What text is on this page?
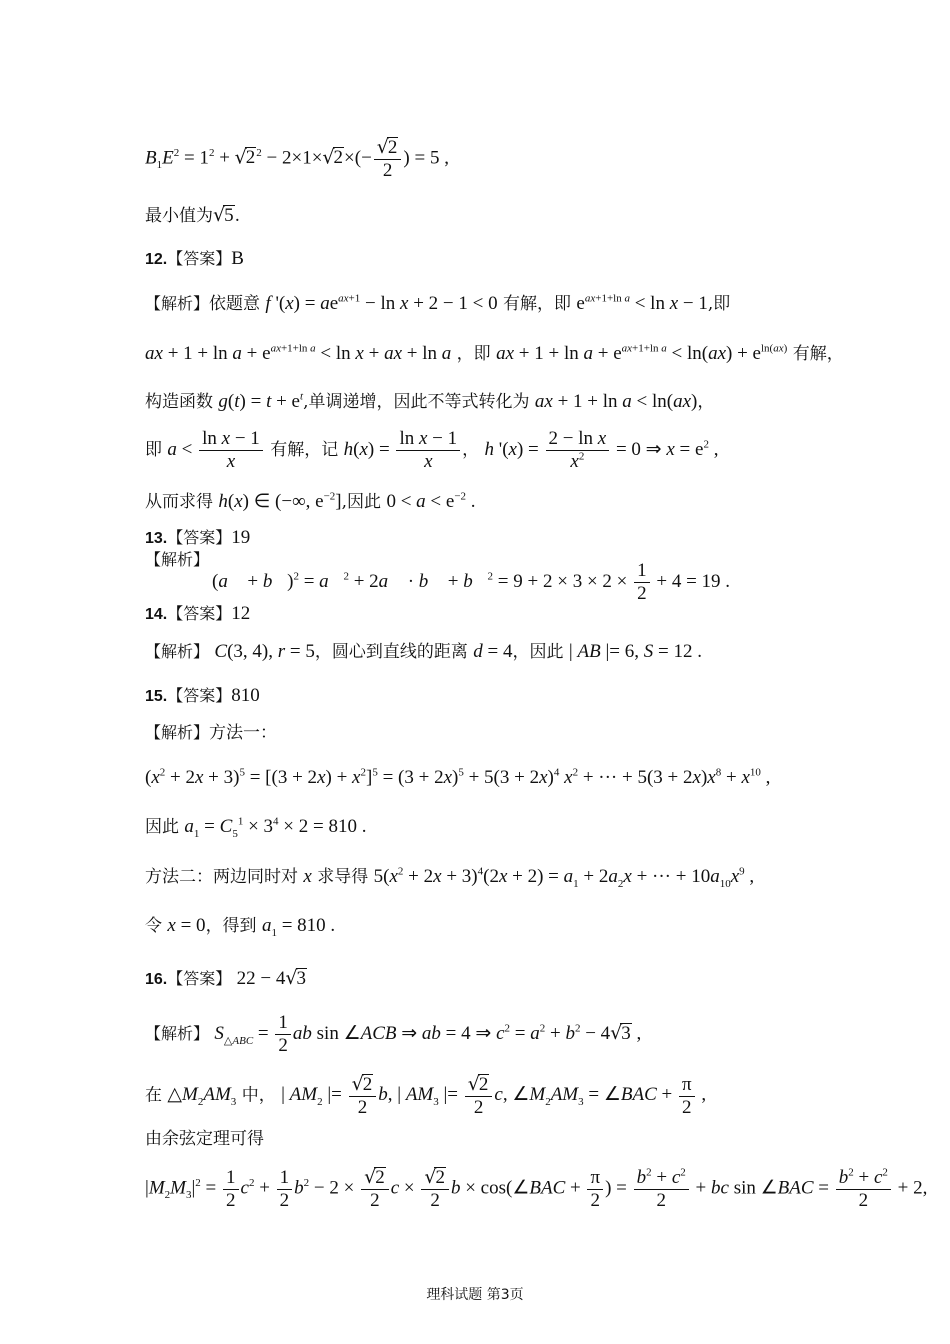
$B_1E^2 = 1^2 + √2^2 - 2\times 1\times√2\times(- \frac{√2}{2}$ ) = 5 ,
最小值为√5.
12.【答案】B
【解析】依题意 f '$(x) = ae^{ax+1} - \ln x + 2 - 1 < 0$ 有解，即 $e^{ax+1+ln a} < \ln x - 1$,即
ax + $1 + \ln a + e^{ax+1+ln a} < \ln x$ + ax + ln a ，即 ax + $1 + \ln a + e^{ax+1+ln a} < \ln(ax) + e^{ln(ax)}$ 有解，
构造函数 $g(t) = t + e^t$,单调递增，因此不等式转化为 ax + 1 + ln a < ln(ax)，
即 $a < \frac{\text{ln x − 1}}{x}$ 有解，记 $h(x) = \frac{\text{ln x − 1}}{x}$ ， h '$(x) = \frac{\text{2 − ln x}}{x^2} = 0$ ⇒ $x = e^2$ ,
从而求得 h(x) ∈ (−∞, $e^{-2}$],因此 $0 < a < e^{-2}$ .
13.【答案】19
【解析】
(a⃗ + b⃗)$^2$ = a⃗$^2$ + 2a⃗ · b⃗ + b⃗$^2$ = $9 + 2 \times 3 \times 2 \times \frac{1}{2} + 4 = 19$ .
14.【答案】12
【解析】 C(3, 4), r = 5，圆心到直线的距离 d = 4，因此 | AB |= 6, S = 12 .
15.【答案】810
【解析】方法一：
$(x^2 + 2x + 3)^5 = [(3 + 2x) + x^2]^5 = (3 + 2x)^5 + 5(3 + 2x)^4$ $x^2$ + ··· + $5(3 + 2x)x^8 + x^{10}$ ,
因此 $a_1 = C_5^1 \times 3^4 \times 2 = 810$ .
方法二：两边同时对 x 求导得 $5(x^2 + 2x + 3)^4(2x + 2) = a_1 + 2a_2x$ + ··· + $10a_{10}x^9$ ,
令 x = 0，得到 $a_1 = 810$ .
16.【答案】 22 − 4√3
【解析】 $S_{\triangle ABC} = \frac{1}{2}$ ab sin ∠ACB ⇒ ab = 4 ⇒ $c^2 = a^2 + b^2 - 4√3$ ,
在 $\triangle M_2AM_3$ 中， | $AM_2$ |= $\frac{√2}{2} b$, | $AM_3$ |= $\frac{√2}{2} c$, $\angle M_2AM_3$ = ∠BAC + $\frac{\pi}{2}$ ,
由余弦定理可得
$|M_2M_3|^2 = \frac{1}{2} c^2 + \frac{1}{2} b^2 - 2 \times \frac{√2}{2}$ $c \times \frac{√2}{2}$ b × cos(∠BAC + $\frac{\pi}{2}$ ) = $\frac{b^2 + c^2}{2}$ + bc sin ∠BAC = $\frac{b^2 + c^2}{2} + 2$,
理科试题 第3页
